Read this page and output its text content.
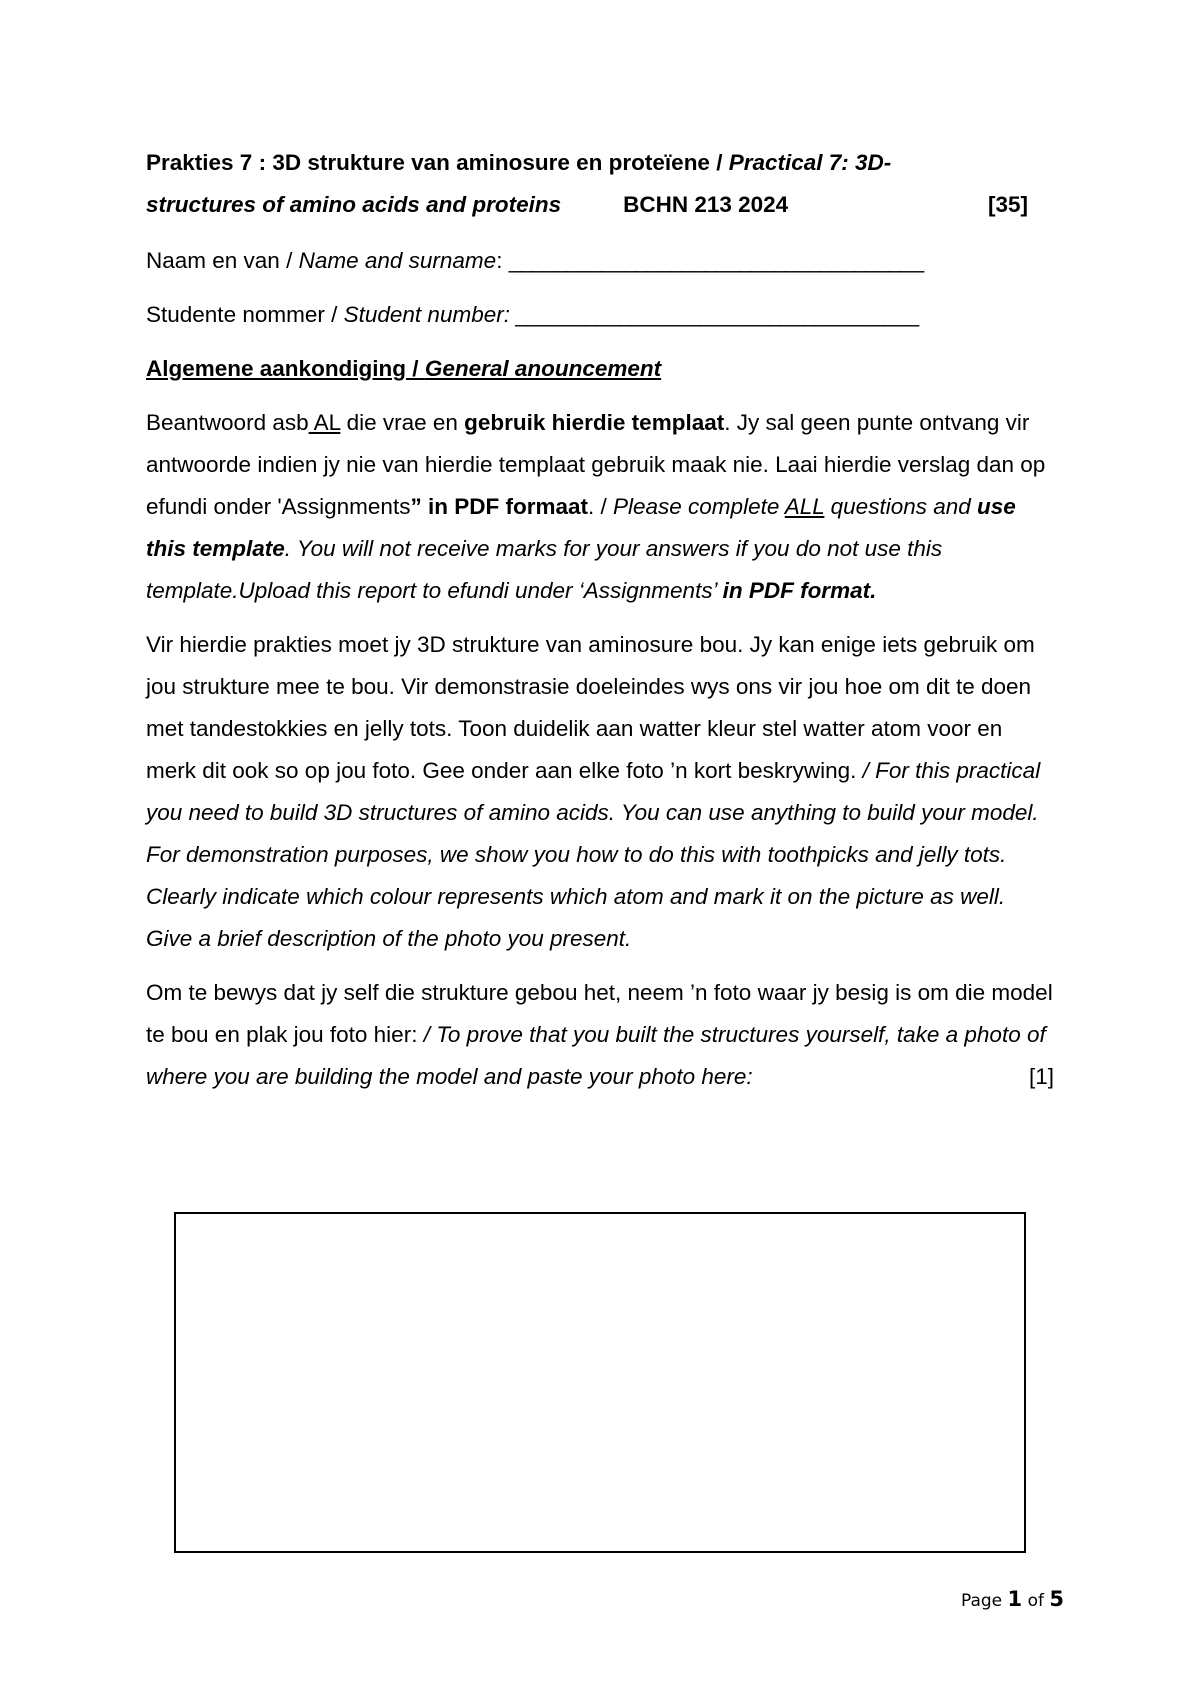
Prakties 7 : 3D strukture van aminosure en proteïene / Practical 7: 3D-
structures of amino acids and proteins	BCHN 213 2024	[35]
Naam en van / Name and surname: ____________________________________
Studente nommer / Student number: ___________________________________
Algemene aankondiging / General anouncement

Beantwoord asb AL die vrae en gebruik hierdie templaat. Jy sal geen punte ontvang vir antwoorde indien jy nie van hierdie templaat gebruik maak nie. Laai hierdie verslag dan op efundi onder 'Assignments” in PDF formaat. / Please complete ALL questions and use this template. You will not receive marks for your answers if you do not use this template.Upload this report to efundi under ‘Assignments’ in PDF format.

Vir hierdie prakties moet jy 3D strukture van aminosure bou. Jy kan enige iets gebruik om jou strukture mee te bou. Vir demonstrasie doeleindes wys ons vir jou hoe om dit te doen met tandestokkies en jelly tots. Toon duidelik aan watter kleur stel watter atom voor en merk dit ook so op jou foto. Gee onder aan elke foto ’n kort beskrywing. / For this practical you need to build 3D structures of amino acids. You can use anything to build your model. For demonstration purposes, we show you how to do this with toothpicks and jelly tots. Clearly indicate which colour represents which atom and mark it on the picture as well. Give a brief description of the photo you present.

Om te bewys dat jy self die strukture gebou het, neem ’n foto waar jy besig is om die model te bou en plak jou foto hier: / To prove that you built the structures yourself, take a photo of where you are building the model and paste your photo here:	[1]

Page 1 of 5
